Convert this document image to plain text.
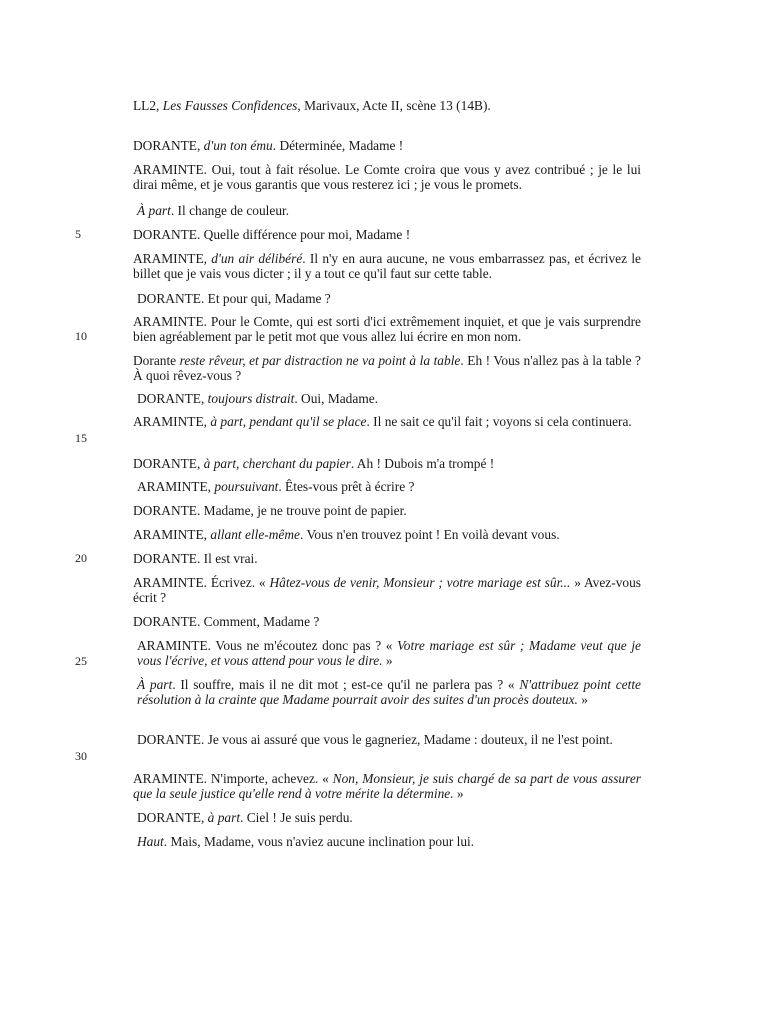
LL2, Les Fausses Confidences, Marivaux, Acte II, scène 13 (14B).
DORANTE, d'un ton ému. Déterminée, Madame !
ARAMINTE. Oui, tout à fait résolue. Le Comte croira que vous y avez contribué ; je le lui dirai même, et je vous garantis que vous resterez ici ; je vous le promets.
À part. Il change de couleur.
DORANTE. Quelle différence pour moi, Madame !
ARAMINTE, d'un air délibéré. Il n'y en aura aucune, ne vous embarrassez pas, et écrivez le billet que je vais vous dicter ; il y a tout ce qu'il faut sur cette table.
DORANTE. Et pour qui, Madame ?
ARAMINTE. Pour le Comte, qui est sorti d'ici extrêmement inquiet, et que je vais surprendre bien agréablement par le petit mot que vous allez lui écrire en mon nom.
Dorante reste rêveur, et par distraction ne va point à la table. Eh ! Vous n'allez pas à la table ? À quoi rêvez-vous ?
DORANTE, toujours distrait. Oui, Madame.
ARAMINTE, à part, pendant qu'il se place. Il ne sait ce qu'il fait ; voyons si cela continuera.
DORANTE, à part, cherchant du papier. Ah ! Dubois m'a trompé !
ARAMINTE, poursuivant. Êtes-vous prêt à écrire ?
DORANTE. Madame, je ne trouve point de papier.
ARAMINTE, allant elle-même. Vous n'en trouvez point ! En voilà devant vous.
DORANTE. Il est vrai.
ARAMINTE. Écrivez. « Hâtez-vous de venir, Monsieur ; votre mariage est sûr... » Avez-vous écrit ?
DORANTE. Comment, Madame ?
ARAMINTE. Vous ne m'écoutez donc pas ? « Votre mariage est sûr ; Madame veut que je vous l'écrive, et vous attend pour vous le dire. »
À part. Il souffre, mais il ne dit mot ; est-ce qu'il ne parlera pas ? « N'attribuez point cette résolution à la crainte que Madame pourrait avoir des suites d'un procès douteux. »
DORANTE. Je vous ai assuré que vous le gagneriez, Madame : douteux, il ne l'est point.
ARAMINTE. N'importe, achevez. « Non, Monsieur, je suis chargé de sa part de vous assurer que la seule justice qu'elle rend à votre mérite la détermine. »
DORANTE, à part. Ciel ! Je suis perdu.
Haut. Mais, Madame, vous n'aviez aucune inclination pour lui.
5
10
15
20
25
30
